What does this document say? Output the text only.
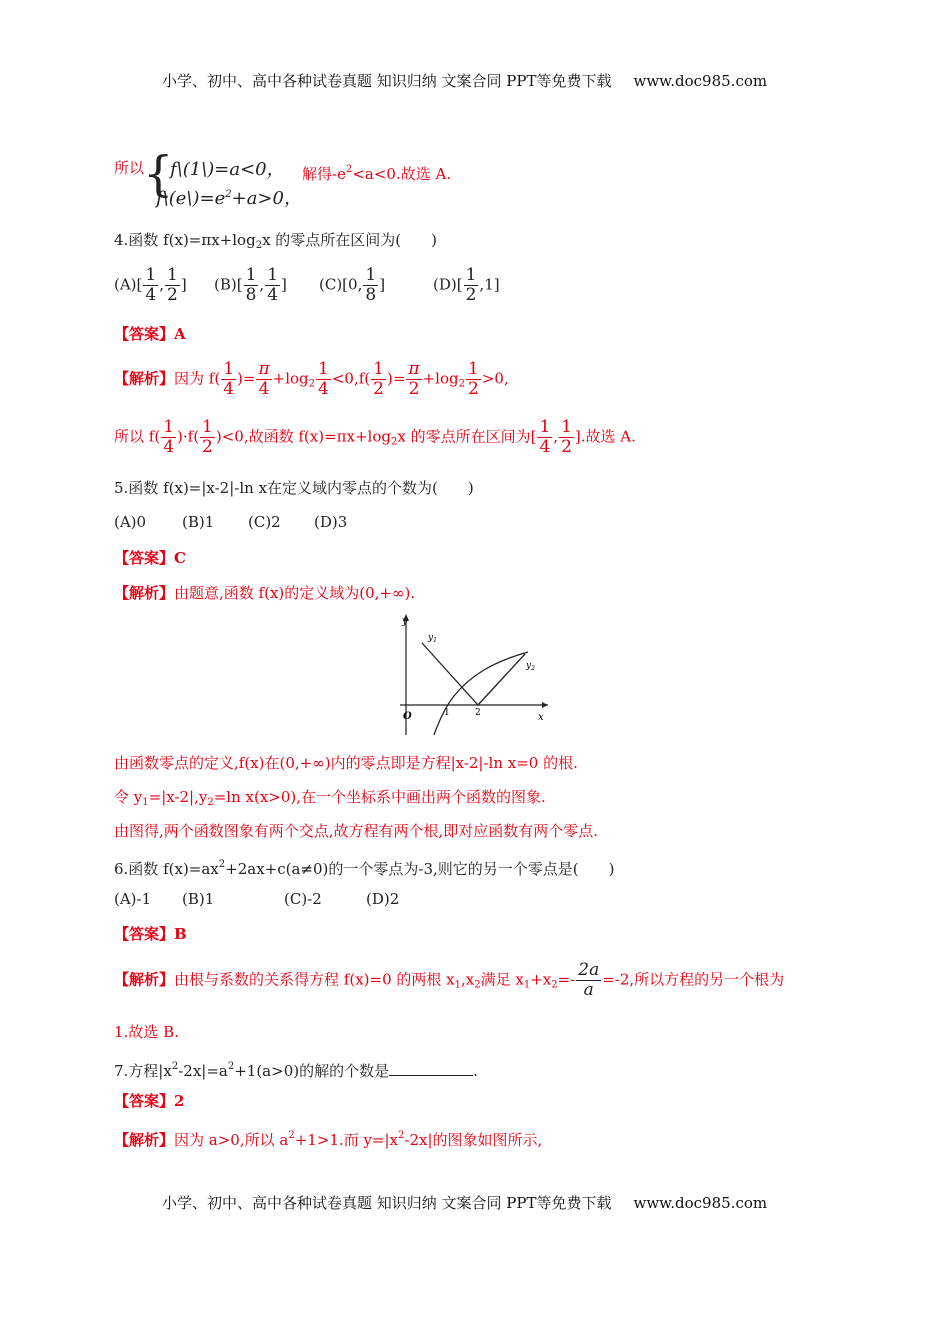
小学、初中、高中各种试卷真题 知识归纳 文案合同 PPT等免费下载 www.doc985.com
所以
{
f\(1\)=a<0，
$f\backslash(e\backslash)=e^2+a>0$，
解得$-e^2<a<0$.故选 A.
4.函数 $f(x)=\pi x+\log_2x$ 的零点所在区间为(　　)
$(A)[ \frac{1}{4}$ , $\frac{1}{2}$ ] $(B)[ \frac{1}{8}$ , $\frac{1}{4}$ ] (C)[0, $\frac{1}{8}$ ]	$(D)[ \frac{1}{2} ,1]$
【答案】A
【解析】因为 $f( \frac{1}{4}$ )= $\frac{\pi}{4} +\log_2 \frac{1}{4} <0,f( \frac{1}{2}$ )= $\frac{\pi}{2} +\log_2 \frac{1}{2} >0$,
所以 $f( \frac{1}{4} )\cdot f( \frac{1}{2} )<0$,故函数 $f(x)=\pi x+\log_2x$ 的零点所在区间为[ $\frac{1}{4}$ , $\frac{1}{2}$ ].故选 A.
5.函数 f(x)=|x-2|-ln x在定义域内零点的个数为(　　)
(A)0 (B)1 (C)2 (D)3
【答案】C
【解析】由题意,函数 f(x)的定义域为(0,+∞).
y
x
O	1	2
$y_1$
$y_2$
由函数零点的定义,f(x)在(0,+∞)内的零点即是方程|x-2|-ln x=0 的根.
令 $y_1=|x-2|,y_2=\ln$ x(x>0),在一个坐标系中画出两个函数的图象.
由图得,两个函数图象有两个交点,故方程有两个根,即对应函数有两个零点.
6.函数 $f(x)=ax^2+2ax+c(a\ne 0)$的一个零点为-3,则它的另一个零点是(　　)
(A)-1 (B)1	(C)-2	(D)2
【答案】B
【解析】由根与系数的关系得方程 f(x)=0 的两根 $x_1,x_2$满足 $x_1+x_2=- \frac{2a}{a} =-2$,所以方程的另一个根为
1.故选 B.
7.方程$|x^2-2x|=a^2+1(a>0)$的解的个数是	.
【答案】2
【解析】因为 a>0,所以 $a^2+1>1$.而 $y=|x^2-2x|$的图象如图所示,
小学、初中、高中各种试卷真题 知识归纳 文案合同 PPT等免费下载 www.doc985.com
